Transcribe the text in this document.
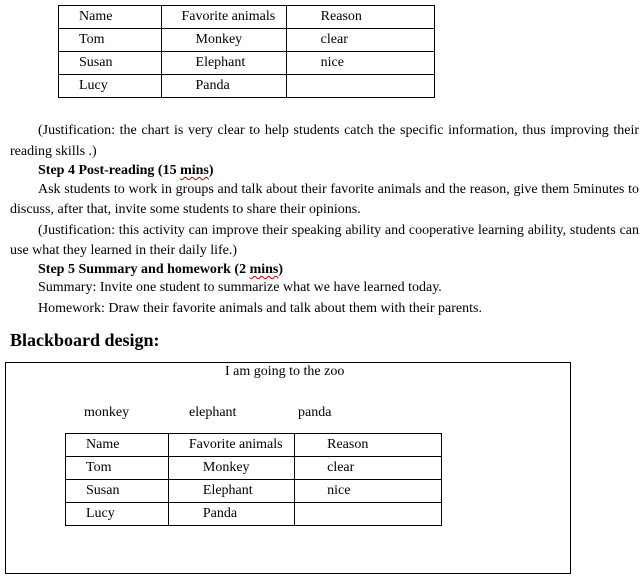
Name	Favorite animals	Reason
Tom	Monkey	clear
Susan	Elephant	nice
Lucy	Panda	
(Justification: the chart is very clear to help students catch the specific information, thus improving their
reading skills .)
Step 4 Post-reading (15 mins)
Ask students to work in groups and talk about their favorite animals and the reason, give them 5minutes to
discuss, after that, invite some students to share their opinions.
(Justification: this activity can improve their speaking ability and cooperative learning ability, students can
use what they learned in their daily life.)
Step 5 Summary and homework (2 mins)
Summary: Invite one student to summarize what we have learned today.
Homework: Draw their favorite animals and talk about them with their parents.
Blackboard design:
I am going to the zoo
monkey	elephant	panda
Name	Favorite animals	Reason
Tom	Monkey	clear
Susan	Elephant	nice
Lucy	Panda	
